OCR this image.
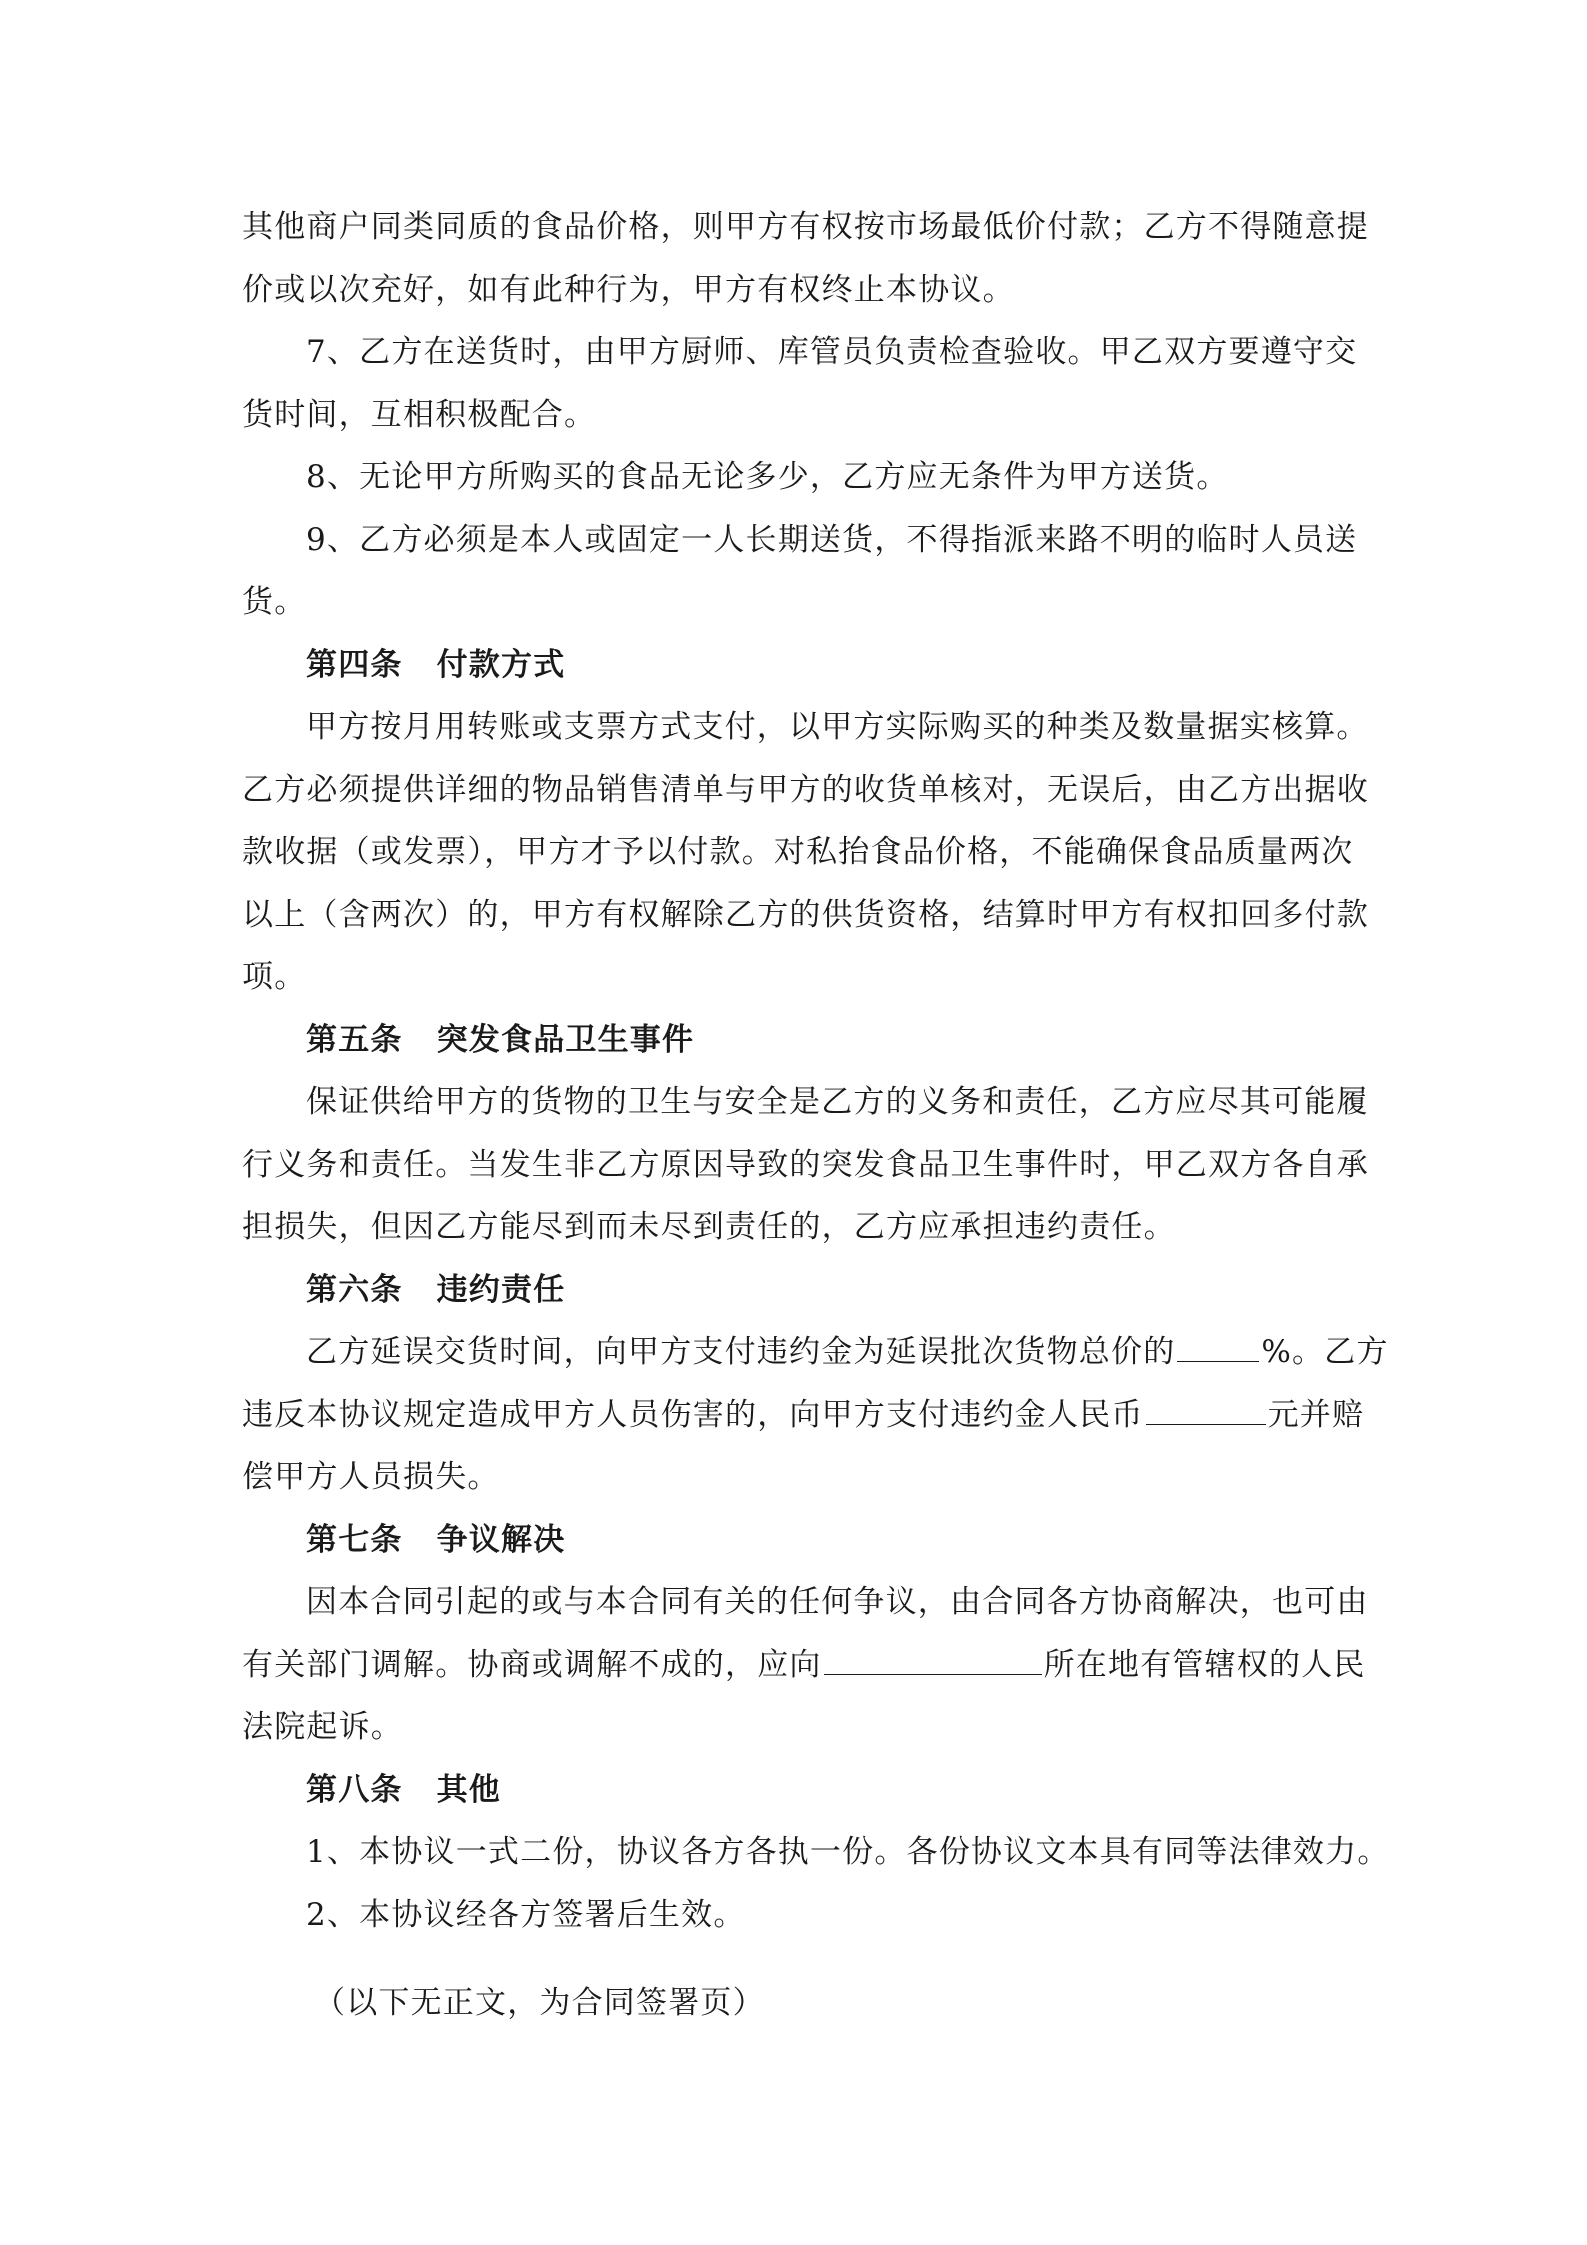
其他商户同类同质的食品价格，则甲方有权按市场最低价付款；乙方不得随意提
价或以次充好，如有此种行为，甲方有权终止本协议。
7、乙方在送货时，由甲方厨师、库管员负责检查验收。甲乙双方要遵守交
货时间，互相积极配合。
8、无论甲方所购买的食品无论多少，乙方应无条件为甲方送货。
9、乙方必须是本人或固定一人长期送货，不得指派来路不明的临时人员送
货。
第四条 付款方式
甲方按月用转账或支票方式支付，以甲方实际购买的种类及数量据实核算。
乙方必须提供详细的物品销售清单与甲方的收货单核对，无误后，由乙方出据收
款收据（或发票），甲方才予以付款。对私抬食品价格，不能确保食品质量两次
以上（含两次）的，甲方有权解除乙方的供货资格，结算时甲方有权扣回多付款
项。
第五条 突发食品卫生事件
保证供给甲方的货物的卫生与安全是乙方的义务和责任，乙方应尽其可能履
行义务和责任。当发生非乙方原因导致的突发食品卫生事件时，甲乙双方各自承
担损失，但因乙方能尽到而未尽到责任的，乙方应承担违约责任。
第六条 违约责任
乙方延误交货时间，向甲方支付违约金为延误批次货物总价的	%。乙方
违反本协议规定造成甲方人员伤害的，向甲方支付违约金人民币	元并赔
偿甲方人员损失。
第七条 争议解决
因本合同引起的或与本合同有关的任何争议，由合同各方协商解决，也可由
有关部门调解。协商或调解不成的，应向	所在地有管辖权的人民
法院起诉。
第八条 其他
1、本协议一式二份，协议各方各执一份。各份协议文本具有同等法律效力。
2、本协议经各方签署后生效。
（以下无正文，为合同签署页）
